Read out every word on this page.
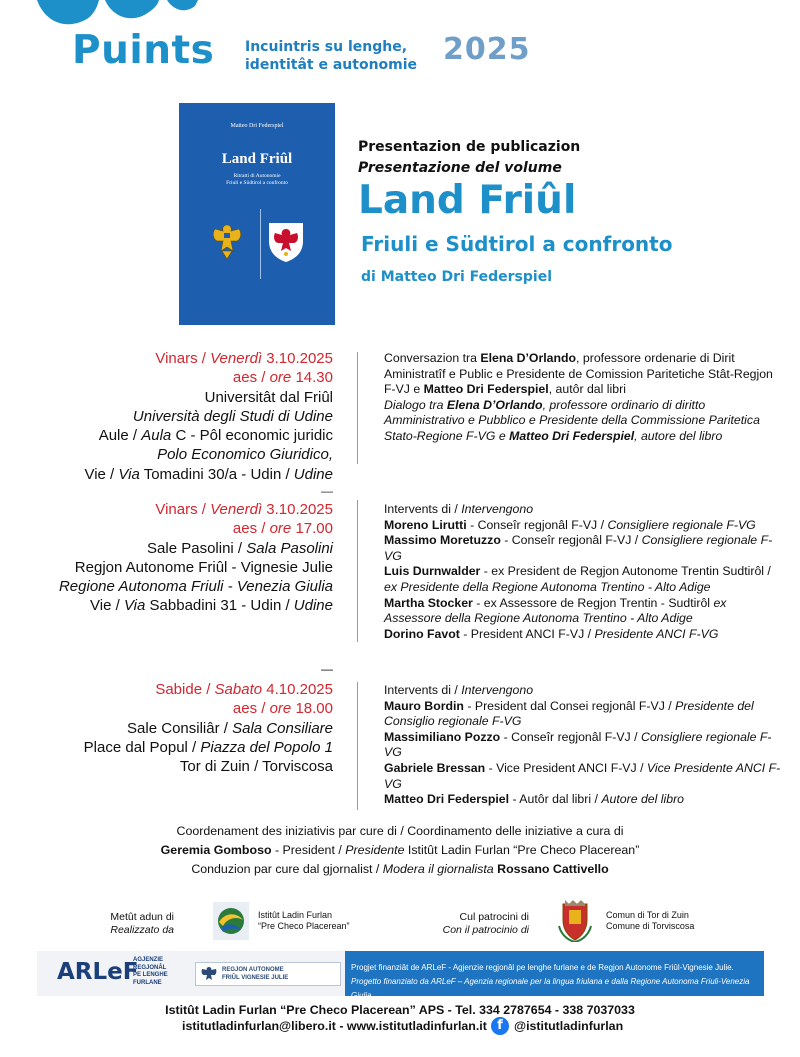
Puints Incuintris su lenghe,
identitât e autonomie 2025
Matteo Dri Federspiel
Land Friûl
Ritratti di Autonomie
Friuli e Südtirol a confronto
Presentazion de publicazion
Presentazione del volume
Land Friûl
Friuli e Südtirol a confronto
di Matteo Dri Federspiel
Vinars / Venerdì 3.10.2025
aes / ore 14.30
Universitât dal Friûl
Università degli Studi di Udine
Aule / Aula C - Pôl economic juridic
Polo Economico Giuridico,
Vie / Via Tomadini 30/a - Udin / Udine
—
Conversazion tra Elena D’Orlando, professore ordenarie di Dirit Aministratîf e Public e Presidente de Comission Paritetiche Stât-Regjon F-VJ e Matteo Dri Federspiel, autôr dal libri
Dialogo tra Elena D’Orlando, professore ordinario di diritto Amministrativo e Pubblico e Presidente della Commissione Paritetica Stato-Regione F-VG e Matteo Dri Federspiel, autore del libro
Vinars / Venerdì 3.10.2025
aes / ore 17.00
Sale Pasolini / Sala Pasolini
Regjon Autonome Friûl - Vignesie Julie
Regione Autonoma Friuli - Venezia Giulia
Vie / Via Sabbadini 31 - Udin / Udine
Intervents di / Intervengono
Moreno Lirutti - Conseîr regjonâl F-VJ / Consigliere regionale F-VG
Massimo Moretuzzo - Conseîr regjonâl F-VJ / Consigliere regionale F-VG
Luis Durnwalder - ex President de Regjon Autonome Trentin Sudtirôl / ex Presidente della Regione Autonoma Trentino - Alto Adige
Martha Stocker - ex Assessore de Regjon Trentin - Sudtirôl ex Assessore della Regione Autonoma Trentino - Alto Adige
Dorino Favot - President ANCI F-VJ / Presidente ANCI F-VG
—
Sabide / Sabato 4.10.2025
aes / ore 18.00
Sale Consiliâr / Sala Consiliare
Place dal Popul / Piazza del Popolo 1
Tor di Zuin / Torviscosa
Intervents di / Intervengono
Mauro Bordin - President dal Consei regjonâl F-VJ / Presidente del Consiglio regionale F-VG
Massimiliano Pozzo - Conseîr regjonâl F-VJ / Consigliere regionale F-VG
Gabriele Bressan - Vice President ANCI F-VJ / Vice Presidente ANCI F-VG
Matteo Dri Federspiel - Autôr dal libri / Autore del libro
Coordenament des iniziativis par cure di / Coordinamento delle iniziative a cura di
Geremia Gomboso - President / Presidente Istitût Ladin Furlan “Pre Checo Placerean”
Conduzion par cure dal gjornalist / Modera il giornalista Rossano Cattivello
Metût adun di
Realizzato da
Istitût Ladin Furlan
“Pre Checo Placerean”
Cul patrocini di
Con il patrocinio di
Comun di Tor di Zuin
Comune di Torviscosa
ARLeF
AGJENZIE
REGJONÂL
PE LENGHE
FURLANE
REGJON AUTONOME
FRIÛL VIGNESIE JULIE
Progjet finanziât de ARLeF - Agjenzie regjonâl pe lenghe furlane e de Regjon Autonome Friûl-Vignesie Julie.
Progetto finanziato da ARLeF – Agenzia regionale per la lingua friulana e dalla Regione Autonoma Friuli-Venezia Giulia.
Istitût Ladin Furlan “Pre Checo Placerean” APS - Tel. 334 2787654 - 338 7037033
istitutladinfurlan@libero.it - www.istitutladinfurlan.it f @istitutladinfurlan
